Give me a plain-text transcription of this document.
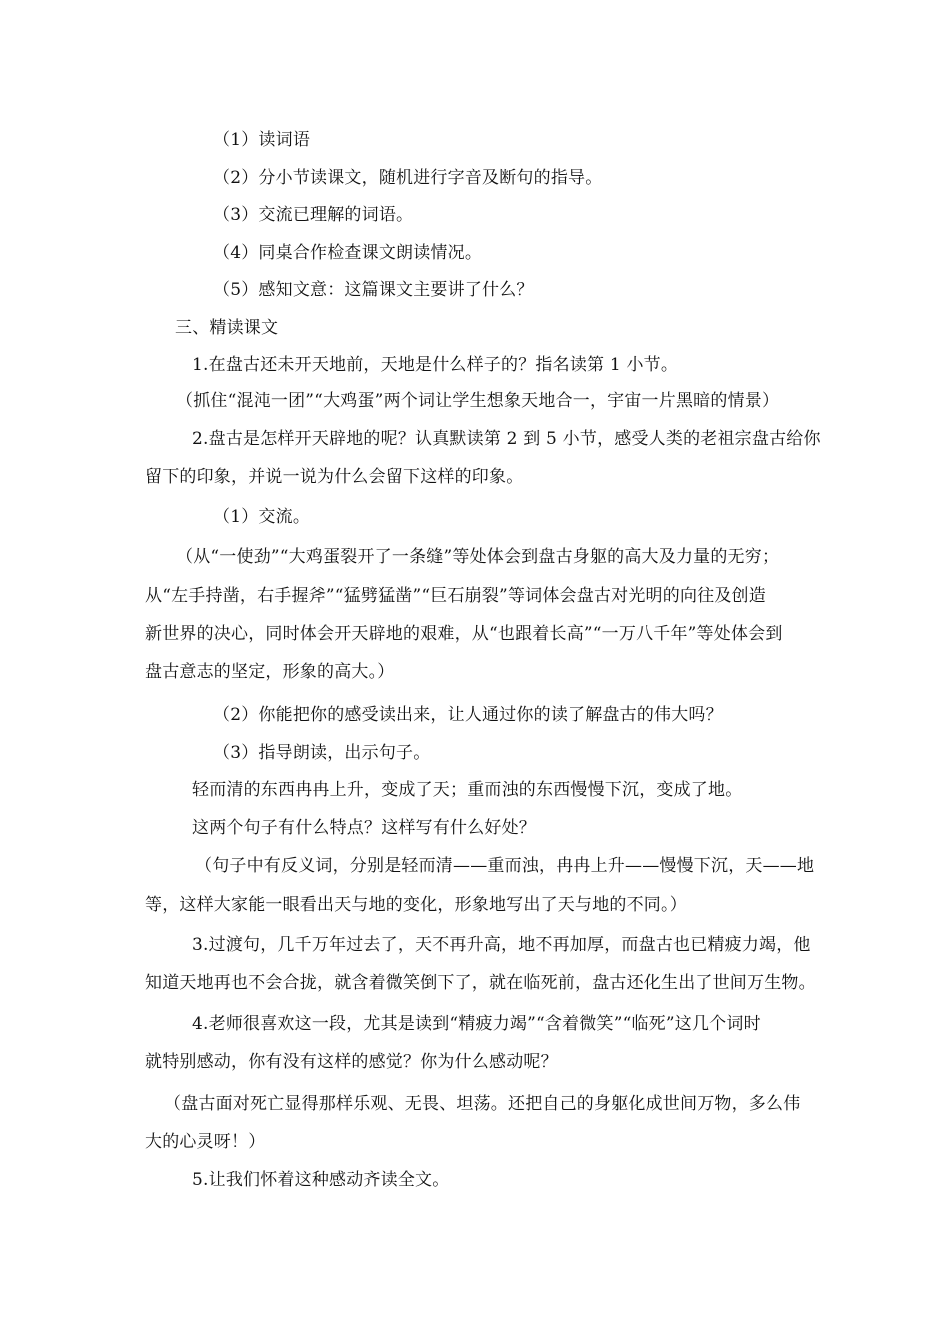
（1）读词语
（2）分小节读课文，随机进行字音及断句的指导。
（3）交流已理解的词语。
（4）同桌合作检查课文朗读情况。
（5）感知文意：这篇课文主要讲了什么？
三、精读课文
1.在盘古还未开天地前，天地是什么样子的？指名读第 1 小节。
（抓住“混沌一团”“大鸡蛋”两个词让学生想象天地合一，宇宙一片黑暗的情景）
2.盘古是怎样开天辟地的呢？认真默读第 2 到 5 小节，感受人类的老祖宗盘古给你
留下的印象，并说一说为什么会留下这样的印象。
（1）交流。
（从“一使劲”“大鸡蛋裂开了一条缝”等处体会到盘古身躯的高大及力量的无穷；
从“左手持凿，右手握斧”“猛劈猛凿”“巨石崩裂”等词体会盘古对光明的向往及创造
新世界的决心，同时体会开天辟地的艰难，从“也跟着长高”“一万八千年”等处体会到
盘古意志的坚定，形象的高大。）
（2）你能把你的感受读出来，让人通过你的读了解盘古的伟大吗？
（3）指导朗读，出示句子。
轻而清的东西冉冉上升，变成了天；重而浊的东西慢慢下沉，变成了地。
这两个句子有什么特点？这样写有什么好处？
（句子中有反义词，分别是轻而清——重而浊，冉冉上升——慢慢下沉，天——地
等，这样大家能一眼看出天与地的变化，形象地写出了天与地的不同。）
3.过渡句，几千万年过去了，天不再升高，地不再加厚，而盘古也已精疲力竭，他
知道天地再也不会合拢，就含着微笑倒下了，就在临死前，盘古还化生出了世间万生物。
4.老师很喜欢这一段，尤其是读到“精疲力竭”“含着微笑”“临死”这几个词时
就特别感动，你有没有这样的感觉？你为什么感动呢？
（盘古面对死亡显得那样乐观、无畏、坦荡。还把自己的身躯化成世间万物，多么伟
大的心灵呀！）
5.让我们怀着这种感动齐读全文。
